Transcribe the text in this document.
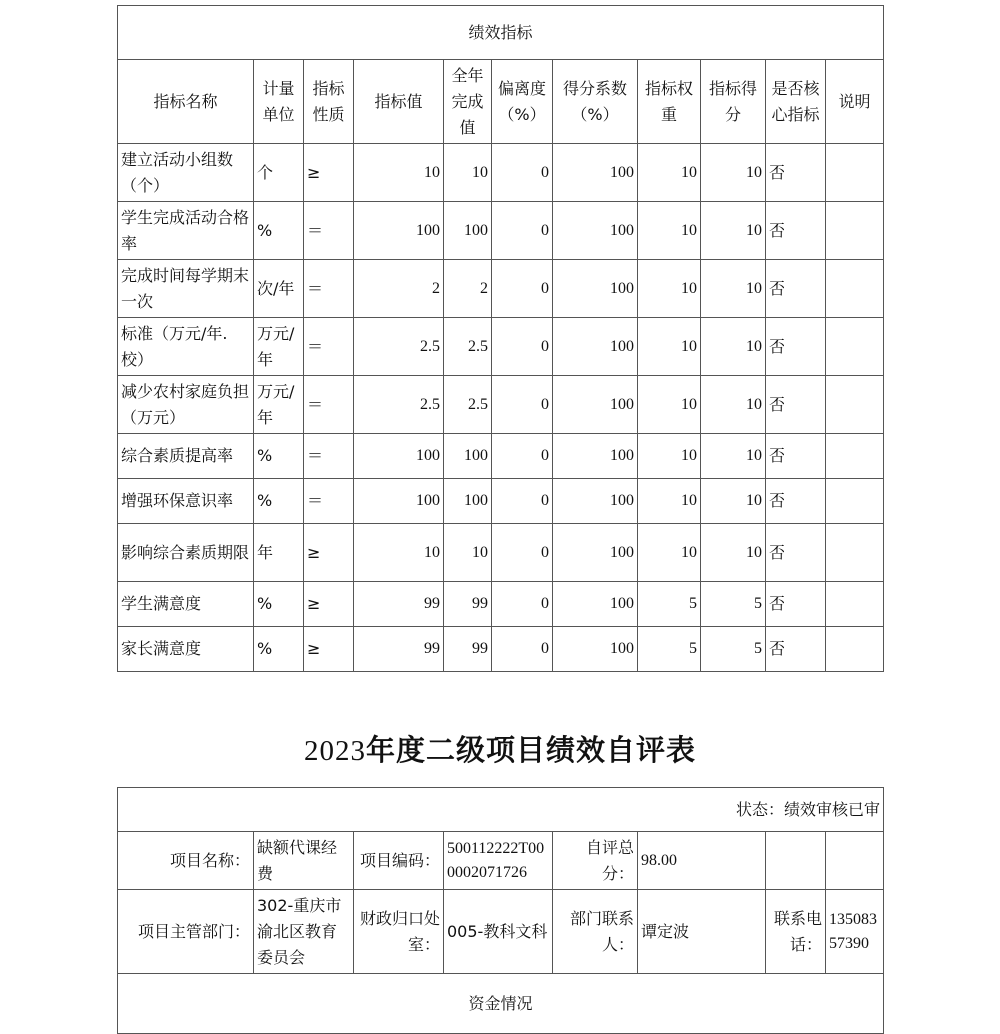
绩效指标										
指标名称	计量单位	指标性质	指标值	全年完成值	偏离度（%）	得分系数（%）	指标权重	指标得分	是否核心指标	说明
建立活动小组数（个）	个	≥	10	10	0	100	10	10	否	
学生完成活动合格率	%	＝	100	100	0	100	10	10	否	
完成时间每学期末一次	次/年	＝	2	2	0	100	10	10	否	
标准（万元/年.校）	万元/年	＝	2.5	2.5	0	100	10	10	否	
减少农村家庭负担（万元）	万元/年	＝	2.5	2.5	0	100	10	10	否	
综合素质提高率	%	＝	100	100	0	100	10	10	否	
增强环保意识率	%	＝	100	100	0	100	10	10	否	
影响综合素质期限	年	≥	10	10	0	100	10	10	否	
学生满意度	%	≥	99	99	0	100	5	5	否	
家长满意度	%	≥	99	99	0	100	5	5	否	
2023年度二级项目绩效自评表
状态：绩效审核已审							
项目名称：	缺额代课经费	项目编码：	500112222T000002071726	自评总分：	98.00		
项目主管部门：	302-重庆市渝北区教育委员会	财政归口处室：	005-教科文科	部门联系人：	谭定波	联系电话：	13508357390
资金情况							
